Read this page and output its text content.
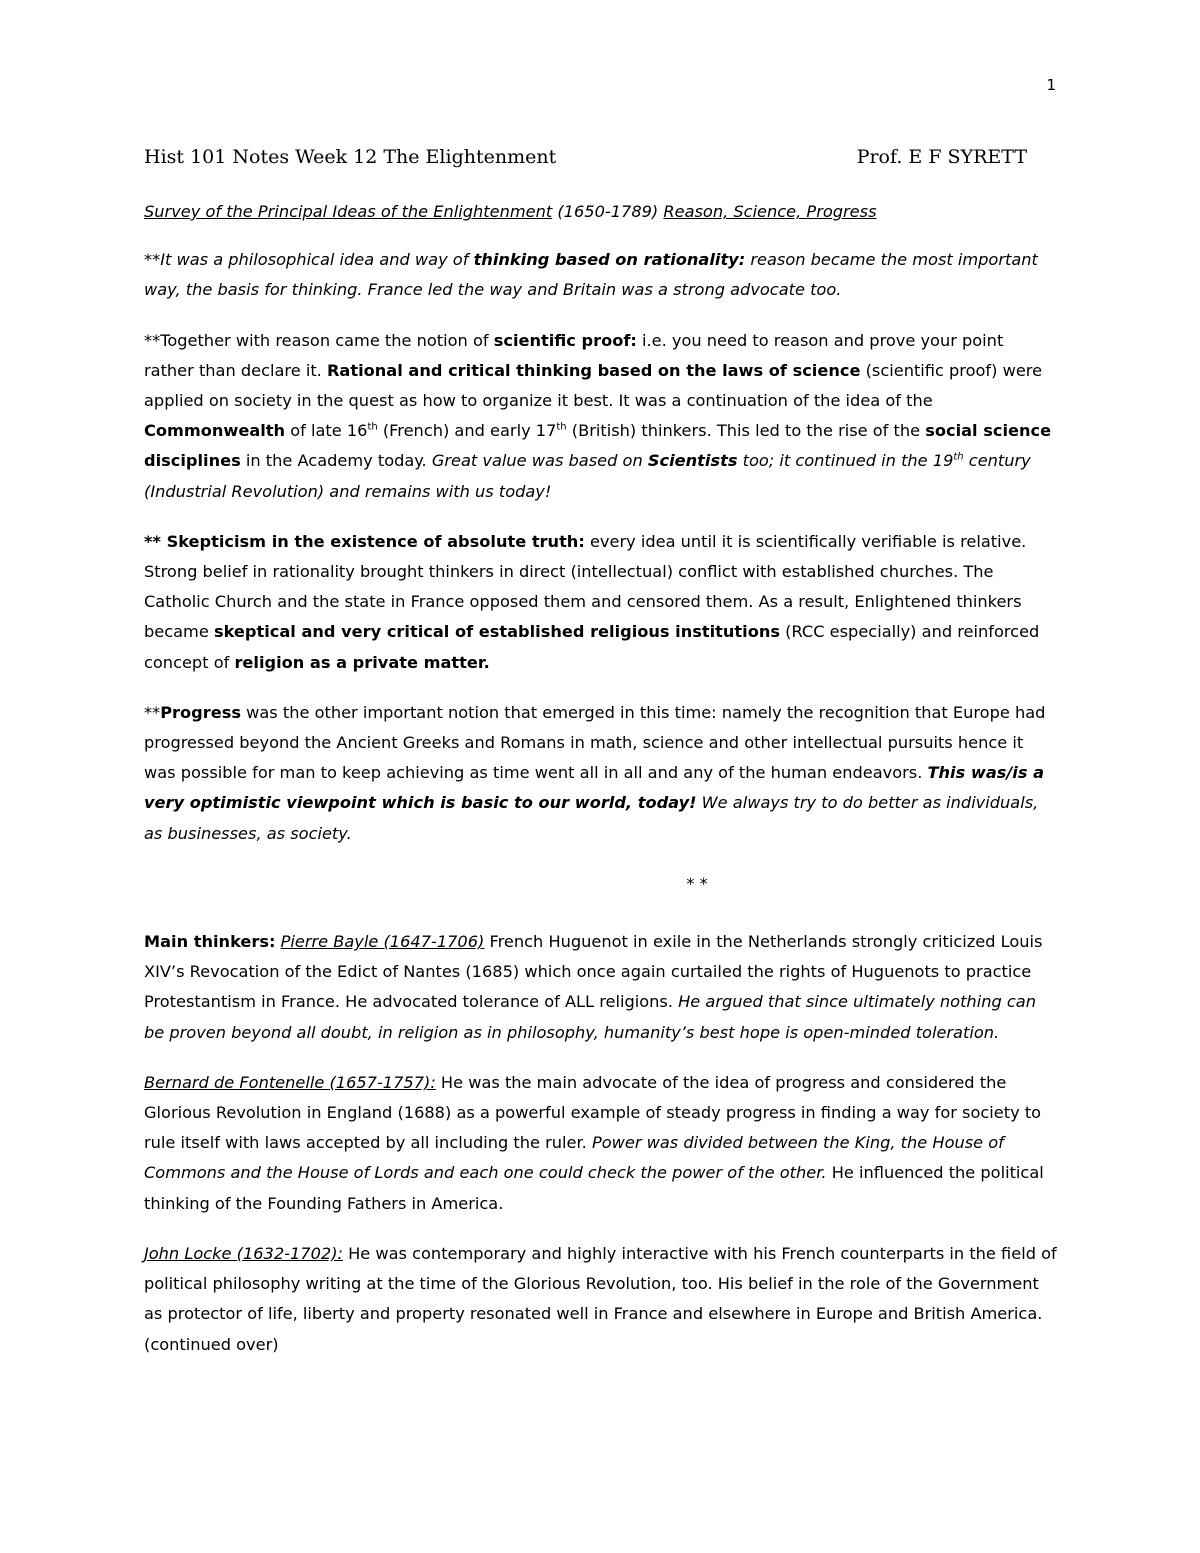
1
Hist 101 Notes Week 12 The Elightenment	Prof. E F SYRETT

Survey of the Principal Ideas of the Enlightenment (1650-1789) Reason, Science, Progress

**It was a philosophical idea and way of thinking based on rationality: reason became the most important way, the basis for thinking. France led the way and Britain was a strong advocate too.

**Together with reason came the notion of scientific proof: i.e. you need to reason and prove your point rather than declare it. Rational and critical thinking based on the laws of science (scientific proof) were applied on society in the quest as how to organize it best. It was a continuation of the idea of the Commonwealth of late 16th (French) and early 17th (British) thinkers. This led to the rise of the social science disciplines in the Academy today. Great value was based on Scientists too; it continued in the 19th century (Industrial Revolution) and remains with us today!

** Skepticism in the existence of absolute truth: every idea until it is scientifically verifiable is relative. Strong belief in rationality brought thinkers in direct (intellectual) conflict with established churches. The Catholic Church and the state in France opposed them and censored them. As a result, Enlightened thinkers became skeptical and very critical of established religious institutions (RCC especially) and reinforced concept of religion as a private matter.

**Progress was the other important notion that emerged in this time: namely the recognition that Europe had progressed beyond the Ancient Greeks and Romans in math, science and other intellectual pursuits hence it was possible for man to keep achieving as time went all in all and any of the human endeavors. This was/is a very optimistic viewpoint which is basic to our world, today! We always try to do better as individuals, as businesses, as society.

* *

Main thinkers: Pierre Bayle (1647-1706) French Huguenot in exile in the Netherlands strongly criticized Louis XIV’s Revocation of the Edict of Nantes (1685) which once again curtailed the rights of Huguenots to practice Protestantism in France. He advocated tolerance of ALL religions. He argued that since ultimately nothing can be proven beyond all doubt, in religion as in philosophy, humanity’s best hope is open-minded toleration.

Bernard de Fontenelle (1657-1757): He was the main advocate of the idea of progress and considered the Glorious Revolution in England (1688) as a powerful example of steady progress in finding a way for society to rule itself with laws accepted by all including the ruler. Power was divided between the King, the House of Commons and the House of Lords and each one could check the power of the other. He influenced the political thinking of the Founding Fathers in America.

John Locke (1632-1702): He was contemporary and highly interactive with his French counterparts in the field of political philosophy writing at the time of the Glorious Revolution, too. His belief in the role of the Government as protector of life, liberty and property resonated well in France and elsewhere in Europe and British America. (continued over)
